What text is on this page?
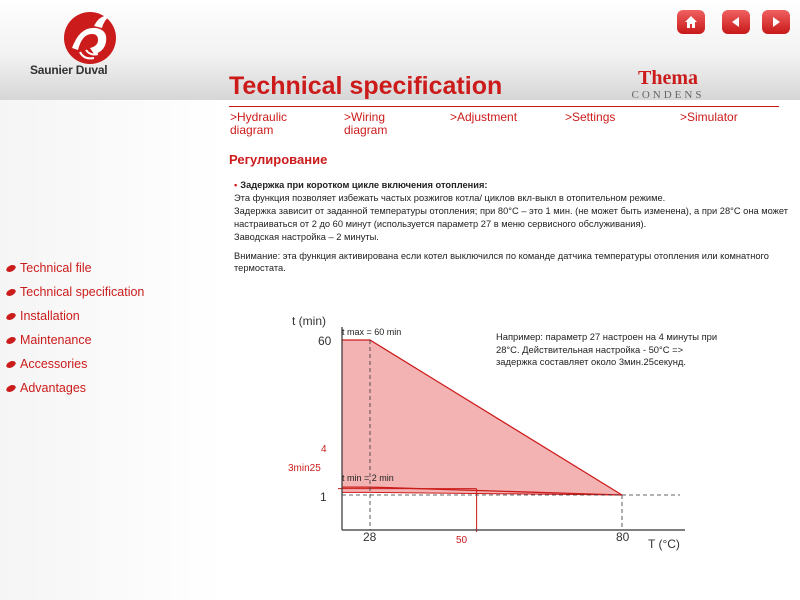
Saunier Duval
Technical specification	Thema
CONDENS
>Hydraulic diagram
>Wiring diagram
>Adjustment	>Settings	>Simulator
Регулирование
• Задержка при коротком цикле включения отопления:
Эта функция позволяет избежать частых розжигов котла/ циклов вкл-выкл в отопительном режиме.
Задержка зависит от заданной температуры отопления; при 80°С – это 1 мин. (не может быть изменена), а при 28°С она может настраиваться от 2 до 60 минут (используется параметр 27 в меню сервисного обслуживания).

Заводская настройка – 2 минуты.

Внимание: эта функция активирована если котел выключился по команде датчика температуры отопления или комнатного термостата.
Technical file
Technical specification
Installation
Maintenance
Accessories
Advantages
t (min)
T (°C)
60
1
28	80
t max = 60 min
t min = 2 min
4
3min25
50
Например: параметр 27 настроен на 4 минуты при 28°С. Действительная настройка - 50°С => задержка составляет около 3мин.25секунд.
